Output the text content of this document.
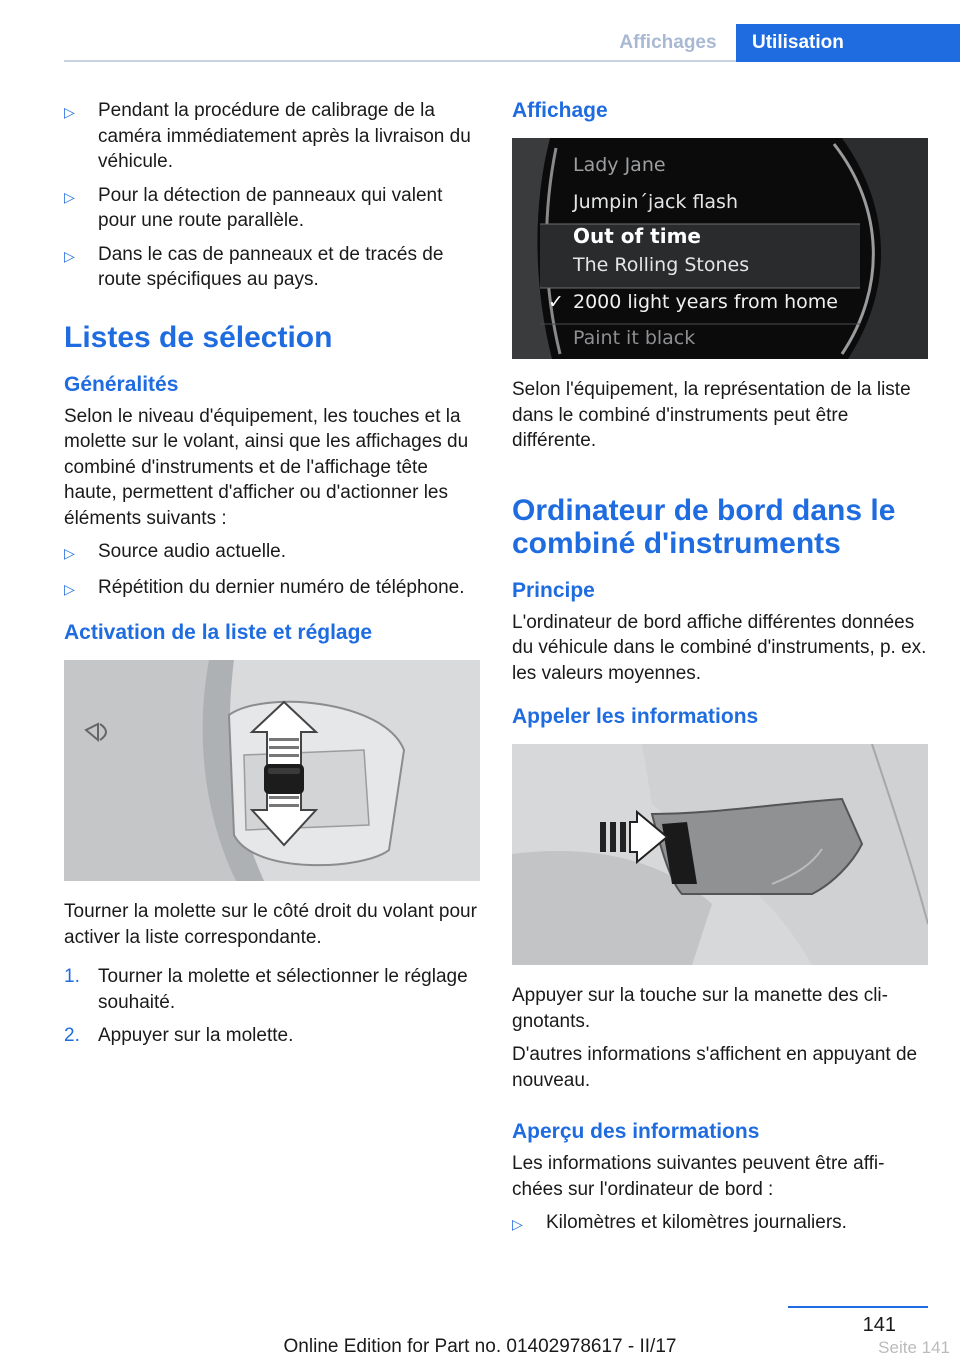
Affichages	Utilisation
▷	Pendant la procédure de calibrage de la caméra immédiatement après la livraison du véhicule.
▷	Pour la détection de panneaux qui valent pour une route parallèle.
▷	Dans le cas de panneaux et de tracés de route spécifiques au pays.
Listes de sélection
Généralités

Selon le niveau d'équipement, les touches et la molette sur le volant, ainsi que les affichages du combiné d'instruments et de l'affichage tête haute, permettent d'afficher ou d'actionner les éléments suivants :

▷	Source audio actuelle.
▷	Répétition du dernier numéro de téléphone.
Activation de la liste et réglage

Tourner la molette sur le côté droit du volant pour activer la liste correspondante.

1. Tourner la molette et sélectionner le réglage souhaité.
2. Appuyer sur la molette.
Affichage
Lady Jane
Jumpin´jack flash
Out of time
The Rolling Stones
✓ 2000 light years from home
Paint it black

Selon l'équipement, la représentation de la liste dans le combiné d'instruments peut être différente.

Ordinateur de bord dans le combiné d'instruments
Principe

L'ordinateur de bord affiche différentes données du véhicule dans le combiné d'instruments, p. ex. les valeurs moyennes.

Appeler les informations

Appuyer sur la touche sur la manette des clignotants.

D'autres informations s'affichent en appuyant de nouveau.

Aperçu des informations

Les informations suivantes peuvent être affichées sur l'ordinateur de bord :

▷	Kilomètres et kilomètres journaliers.
141
Online Edition for Part no. 01402978617 - II/17	Seite 141
